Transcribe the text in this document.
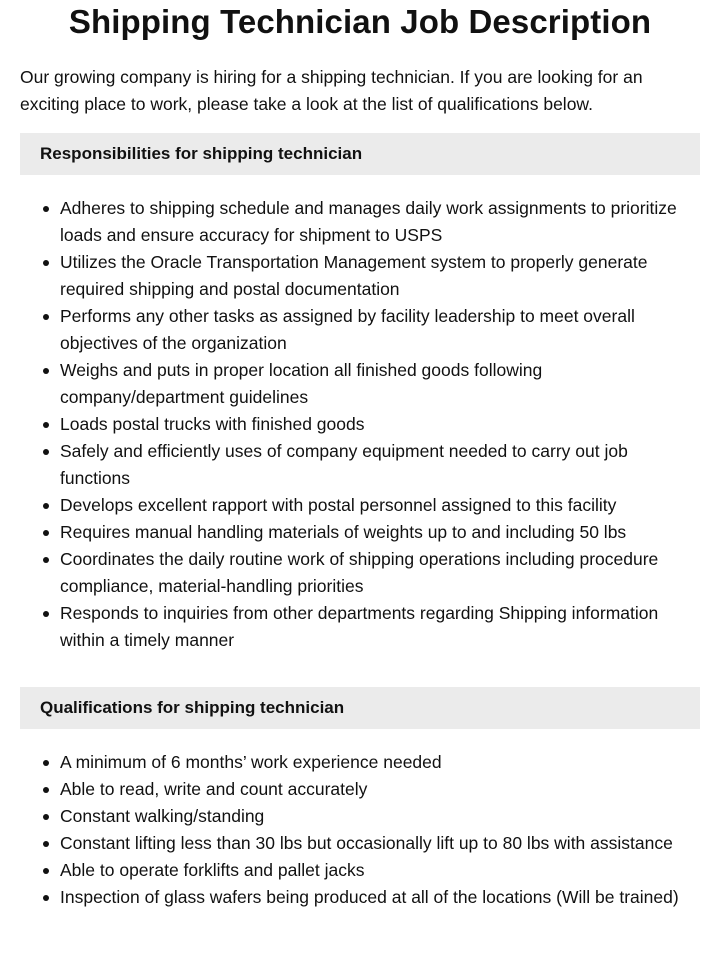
Shipping Technician Job Description

Our growing company is hiring for a shipping technician. If you are looking for an exciting place to work, please take a look at the list of qualifications below.

Responsibilities for shipping technician
Adheres to shipping schedule and manages daily work assignments to prioritize loads and ensure accuracy for shipment to USPS
Utilizes the Oracle Transportation Management system to properly generate required shipping and postal documentation
Performs any other tasks as assigned by facility leadership to meet overall objectives of the organization
Weighs and puts in proper location all finished goods following company/department guidelines
Loads postal trucks with finished goods
Safely and efficiently uses of company equipment needed to carry out job functions
Develops excellent rapport with postal personnel assigned to this facility
Requires manual handling materials of weights up to and including 50 lbs
Coordinates the daily routine work of shipping operations including procedure compliance, material-handling priorities
Responds to inquiries from other departments regarding Shipping information within a timely manner
Qualifications for shipping technician
A minimum of 6 months’ work experience needed
Able to read, write and count accurately
Constant walking/standing
Constant lifting less than 30 lbs but occasionally lift up to 80 lbs with assistance
Able to operate forklifts and pallet jacks
Inspection of glass wafers being produced at all of the locations (Will be trained)
